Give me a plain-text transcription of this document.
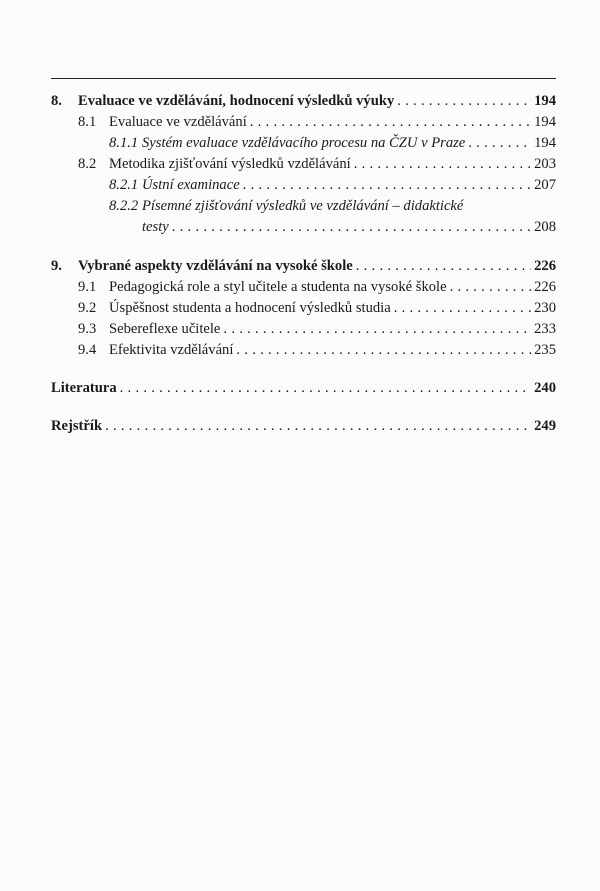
8.	Evaluace ve vzdělávání, hodnocení výsledků výuky . . .	194
8.1 Evaluace ve vzdělávání . . .	194
8.1.1 Systém evaluace vzdělávacího procesu na ČZU v Praze . . .	194
8.2 Metodika zjišťování výsledků vzdělávání . . .	203
8.2.1 Ústní examinace . . .	207
8.2.2 Písemné zjišťování výsledků ve vzdělávání – didaktické
testy . . .	208
9.	Vybrané aspekty vzdělávání na vysoké škole . . .	226
9.1 Pedagogická role a styl učitele a studenta na vysoké škole . . .	226
9.2 Úspěšnost studenta a hodnocení výsledků studia . . .	230
9.3 Sebereflexe učitele . . .	233
9.4 Efektivita vzdělávání . . .	235
Literatura . . .	240
Rejstřík . . .	249
